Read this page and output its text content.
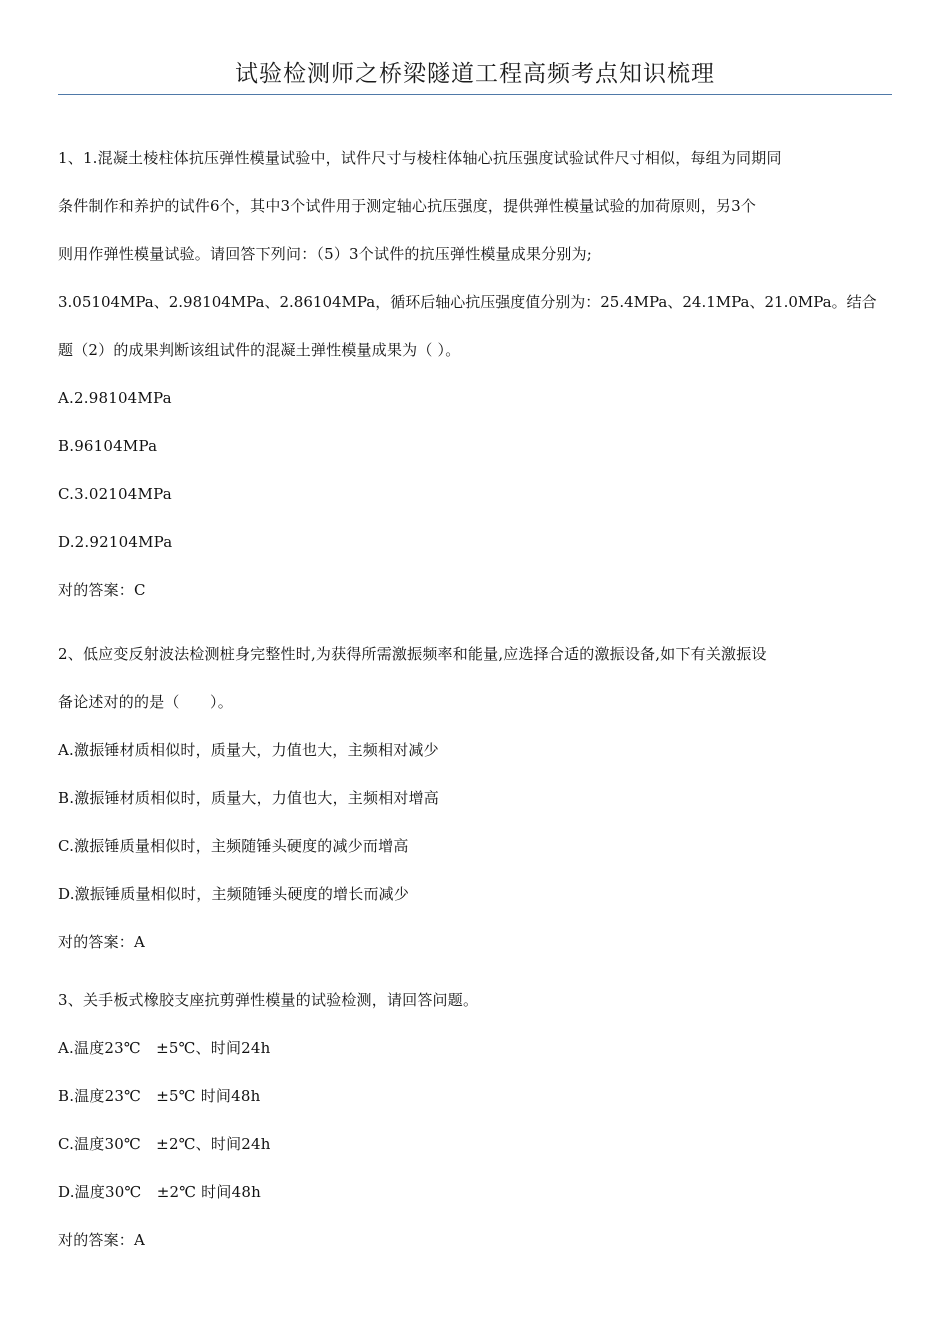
试验检测师之桥梁隧道工程高频考点知识梳理

1、1.混凝土棱柱体抗压弹性模量试验中，试件尺寸与棱柱体轴心抗压强度试验试件尺寸相似，每组为同期同

条件制作和养护的试件6个，其中3个试件用于测定轴心抗压强度，提供弹性模量试验的加荷原则，另3个

则用作弹性模量试验。请回答下列问：（5）3个试件的抗压弹性模量成果分别为;

3.05104MPa、2.98104MPa、2.86104MPa，循环后轴心抗压强度值分别为：25.4MPa、24.1MPa、21.0MPa。结合

题（2）的成果判断该组试件的混凝土弹性模量成果为（ ）。

A.2.98104MPa

B.96104MPa

C.3.02104MPa

D.2.92104MPa

对的答案：C

2、低应变反射波法检测桩身完整性时,为获得所需激振频率和能量,应选择合适的激振设备,如下有关激振设

备论述对的的是（　　）。

A.激振锤材质相似时，质量大，力值也大，主频相对减少

B.激振锤材质相似时，质量大，力值也大，主频相对增高

C.激振锤质量相似时，主频随锤头硬度的减少而增高

D.激振锤质量相似时，主频随锤头硬度的增长而减少

对的答案：A

3、关手板式橡胶支座抗剪弹性模量的试验检测，请回答问题。

A.温度23℃　±5℃、时间24h

B.温度23℃　±5℃ 时间48h

C.温度30℃　±2℃、时间24h

D.温度30℃　±2℃ 时间48h

对的答案：A
